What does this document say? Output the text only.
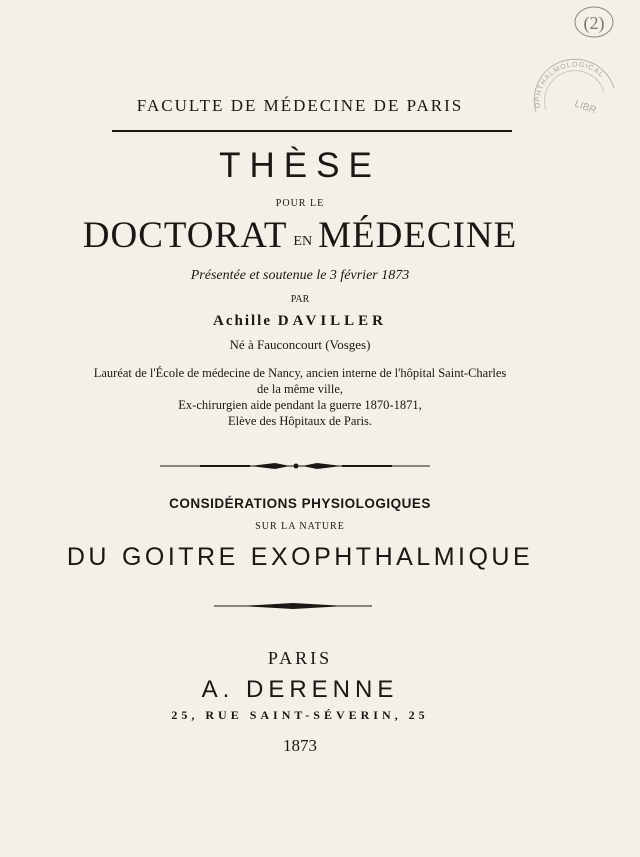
(2)
OPHTHALMOLOGICAL
LIBR
FACULTE DE MÉDECINE DE PARIS
THÈSE
POUR LE
DOCTORAT EN MÉDECINE
Présentée et soutenue le 3 février 1873
PAR
Achille DAVILLER
Né à Fauconcourt (Vosges)
Lauréat de l'École de médecine de Nancy, ancien interne de l'hôpital Saint-Charles
de la même ville,
Ex-chirurgien aide pendant la guerre 1870-1871,
Elève des Hôpitaux de Paris.
CONSIDÉRATIONS PHYSIOLOGIQUES
SUR LA NATURE
DU GOITRE EXOPHTHALMIQUE
PARIS
A. DERENNE
25, RUE SAINT-SÉVERIN, 25
1873
